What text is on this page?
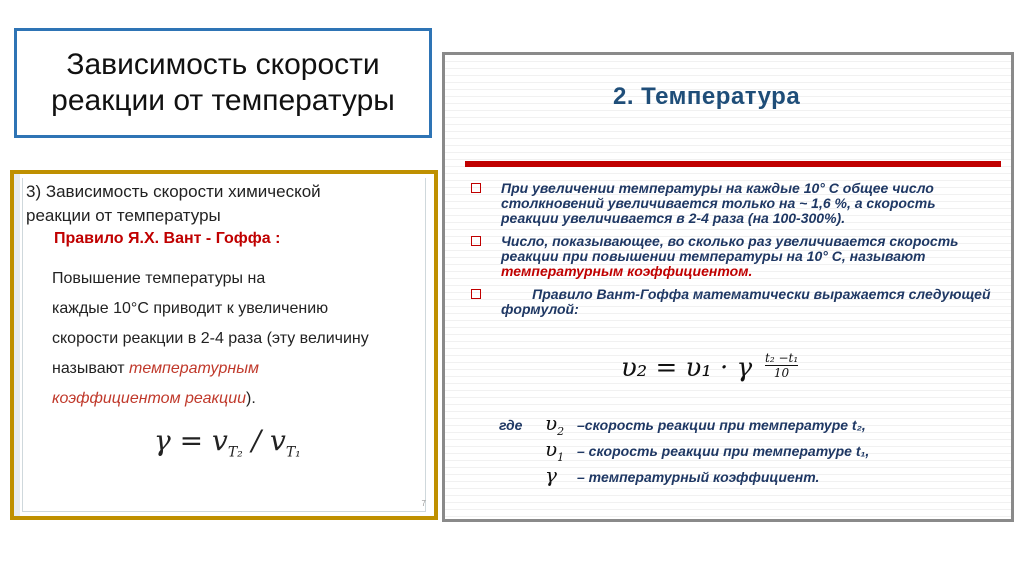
Зависимость скорости
реакции от температуры
3) Зависимость скорости химической
реакции от температуры
Правило Я.Х. Вант - Гоффа :
Повышение температуры на
каждые 10°C приводит к увеличению
скорости реакции в 2-4 раза (эту величину
называют температурным
коэффициентом реакции).
$\gamma = v_{T_2} / v_{T_1}$
7
2. Температура
При увеличении температуры на каждые 10° С общее число столкновений увеличивается только на ~ 1,6 %, а скорость реакции увеличивается в 2-4 раза (на 100-300%).
Число, показывающее, во сколько раз увеличивается скорость реакции при повышении температуры на 10° С, называют температурным коэффициентом.
Правило Вант-Гоффа математически выражается следующей формулой:
υ₂ = υ₁ · γ $\frac{\text{t₂ −t₁}}{10}$
где $\upsilon_2$ –скорость реакции при температуре t₂,
$\upsilon_1$ – скорость реакции при температуре t₁,
γ – температурный коэффициент.
